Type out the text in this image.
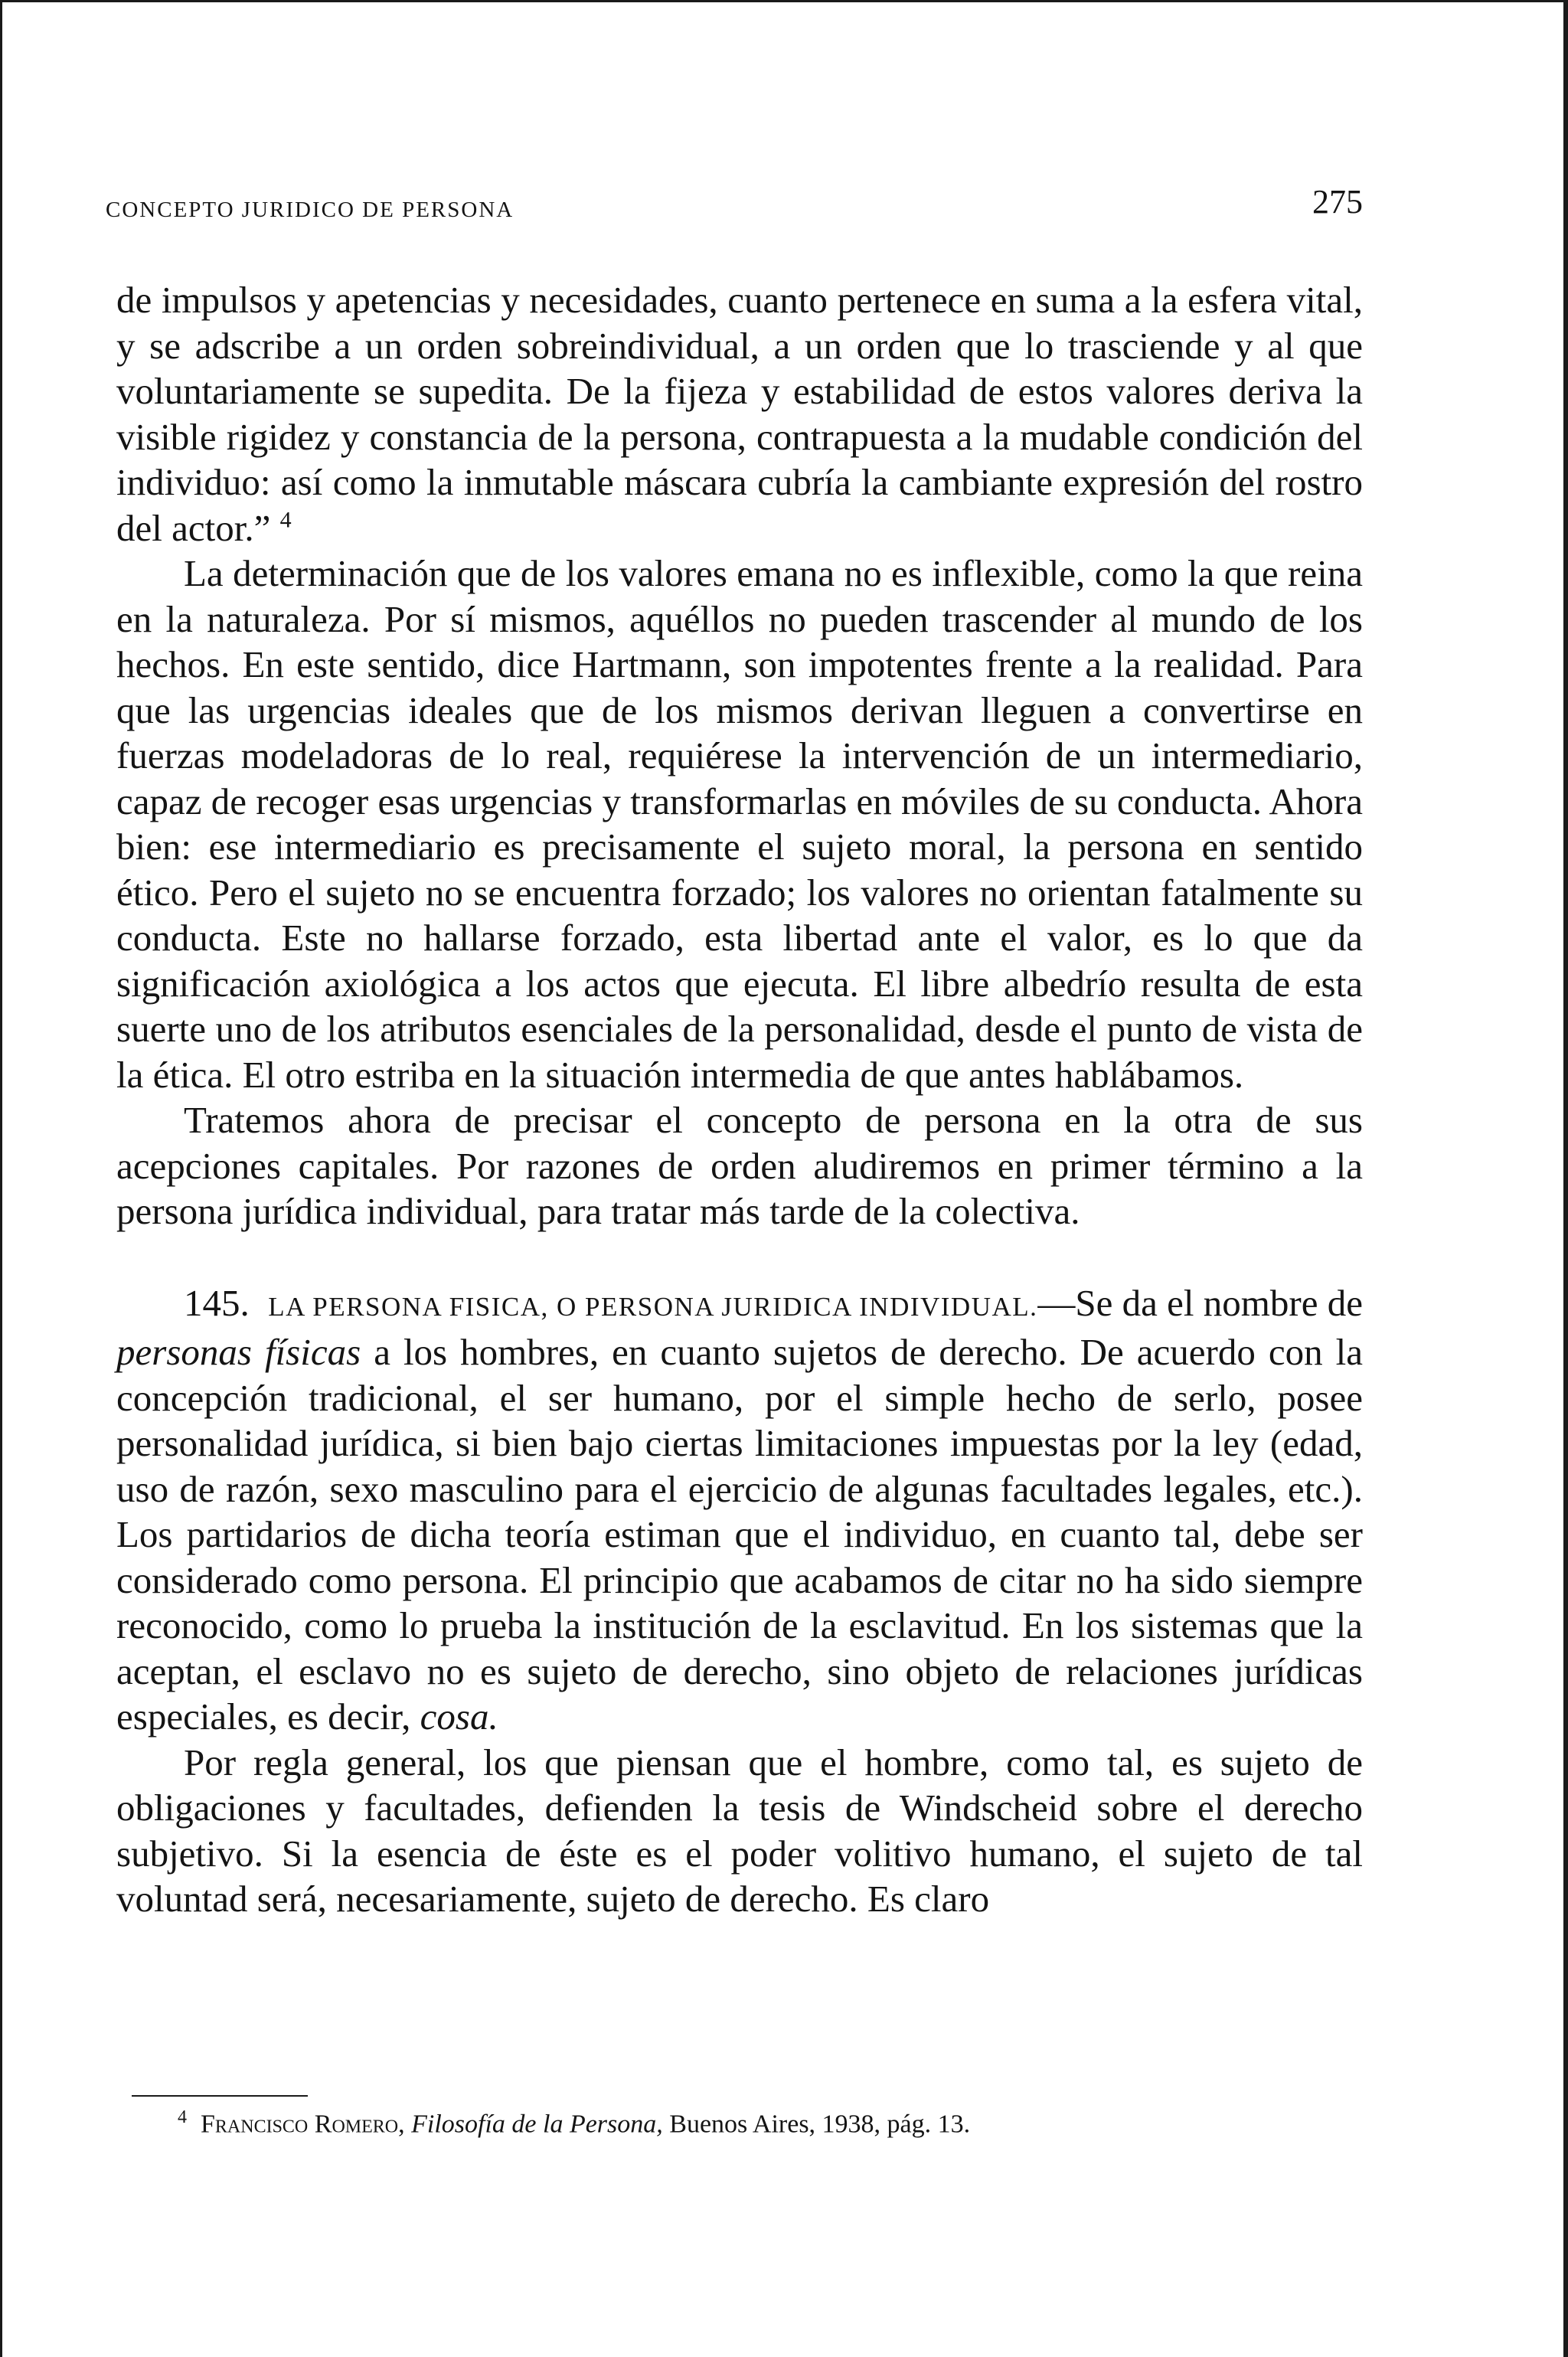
CONCEPTO JURIDICO DE PERSONA	275

de impulsos y apetencias y necesidades, cuanto pertenece en suma a la esfera vital, y se adscribe a un orden sobreindividual, a un orden que lo trasciende y al que voluntariamente se supedita. De la fijeza y estabilidad de estos valores deriva la visible rigidez y constancia de la persona, contrapuesta a la mudable condición del individuo: así como la inmutable máscara cubría la cambiante expresión del rostro del actor.” $^4$

La determinación que de los valores emana no es inflexible, como la que reina en la naturaleza. Por sí mismos, aquéllos no pueden trascender al mundo de los hechos. En este sentido, dice Hartmann, son impotentes frente a la realidad. Para que las urgencias ideales que de los mismos derivan lleguen a convertirse en fuerzas modeladoras de lo real, requiérese la intervención de un intermediario, capaz de recoger esas urgencias y transformarlas en móviles de su conducta. Ahora bien: ese intermediario es precisamente el sujeto moral, la persona en sentido ético. Pero el sujeto no se encuentra forzado; los valores no orientan fatalmente su conducta. Este no hallarse forzado, esta libertad ante el valor, es lo que da significación axiológica a los actos que ejecuta. El libre albedrío resulta de esta suerte uno de los atributos esenciales de la personalidad, desde el punto de vista de la ética. El otro estriba en la situación intermedia de que antes hablábamos.

Tratemos ahora de precisar el concepto de persona en la otra de sus acepciones capitales. Por razones de orden aludiremos en primer término a la persona jurídica individual, para tratar más tarde de la colectiva.

145. LA PERSONA FISICA, O PERSONA JURIDICA INDIVIDUAL.—Se da el nombre de personas físicas a los hombres, en cuanto sujetos de derecho. De acuerdo con la concepción tradicional, el ser humano, por el simple hecho de serlo, posee personalidad jurídica, si bien bajo ciertas limitaciones impuestas por la ley (edad, uso de razón, sexo masculino para el ejercicio de algunas facultades legales, etc.). Los partidarios de dicha teoría estiman que el individuo, en cuanto tal, debe ser considerado como persona. El principio que acabamos de citar no ha sido siempre reconocido, como lo prueba la institución de la esclavitud. En los sistemas que la aceptan, el esclavo no es sujeto de derecho, sino objeto de relaciones jurídicas especiales, es decir, cosa.

Por regla general, los que piensan que el hombre, como tal, es sujeto de obligaciones y facultades, defienden la tesis de Windscheid sobre el derecho subjetivo. Si la esencia de éste es el poder volitivo humano, el sujeto de tal voluntad será, necesariamente, sujeto de derecho. Es claro

$^4$ Francisco Romero, Filosofía de la Persona, Buenos Aires, 1938, pág. 13.
